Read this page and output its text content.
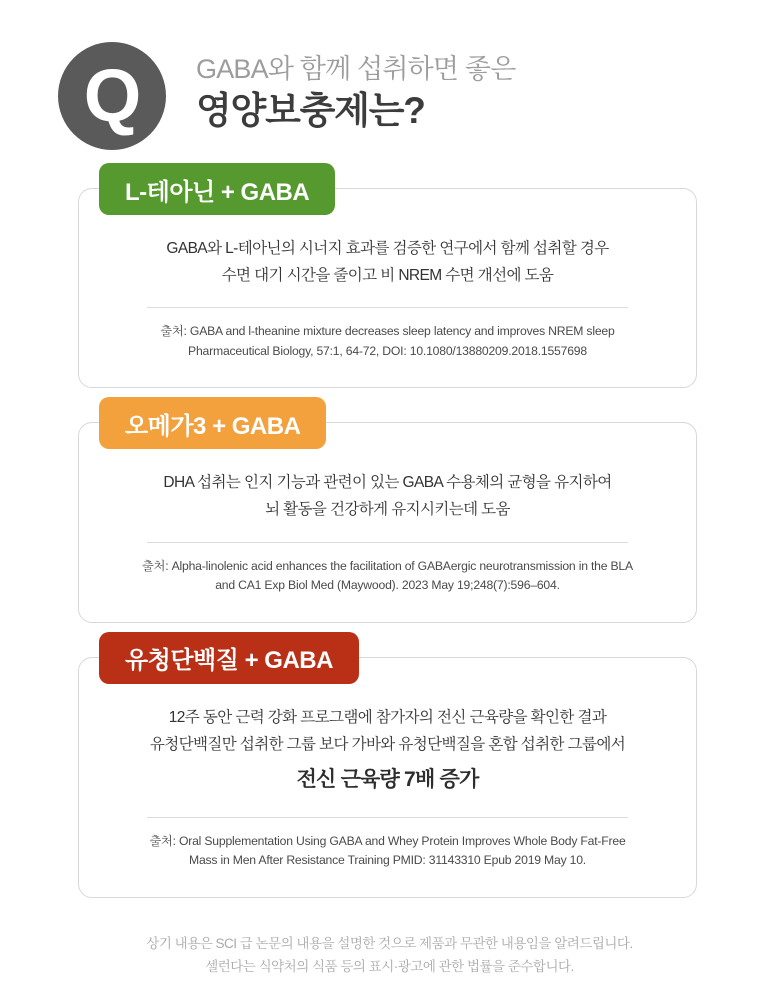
Q	GABA와 함께 섭취하면 좋은
영양보충제는?
L-테아닌 + GABA
GABA와 L-테아닌의 시너지 효과를 검증한 연구에서 함께 섭취할 경우
수면 대기 시간을 줄이고 비 NREM 수면 개선에 도움
출처: GABA and l-theanine mixture decreases sleep latency and improves NREM sleep
Pharmaceutical Biology, 57:1, 64-72, DOI: 10.1080/13880209.2018.1557698
오메가3 + GABA
DHA 섭취는 인지 기능과 관련이 있는 GABA 수용체의 균형을 유지하여
뇌 활동을 건강하게 유지시키는데 도움
출처: Alpha-linolenic acid enhances the facilitation of GABAergic neurotransmission in the BLA
and CA1 Exp Biol Med (Maywood). 2023 May 19;248(7):596–604.
유청단백질 + GABA
12주 동안 근력 강화 프로그램에 참가자의 전신 근육량을 확인한 결과
유청단백질만 섭취한 그룹 보다 가바와 유청단백질을 혼합 섭취한 그룹에서
전신 근육량 7배 증가
출처: Oral Supplementation Using GABA and Whey Protein Improves Whole Body Fat-Free
Mass in Men After Resistance Training PMID: 31143310 Epub 2019 May 10.

상기 내용은 SCI 급 논문의 내용을 설명한 것으로 제품과 무관한 내용임을 알려드립니다.

셀런다는 식약처의 식품 등의 표시·광고에 관한 법률을 준수합니다.
